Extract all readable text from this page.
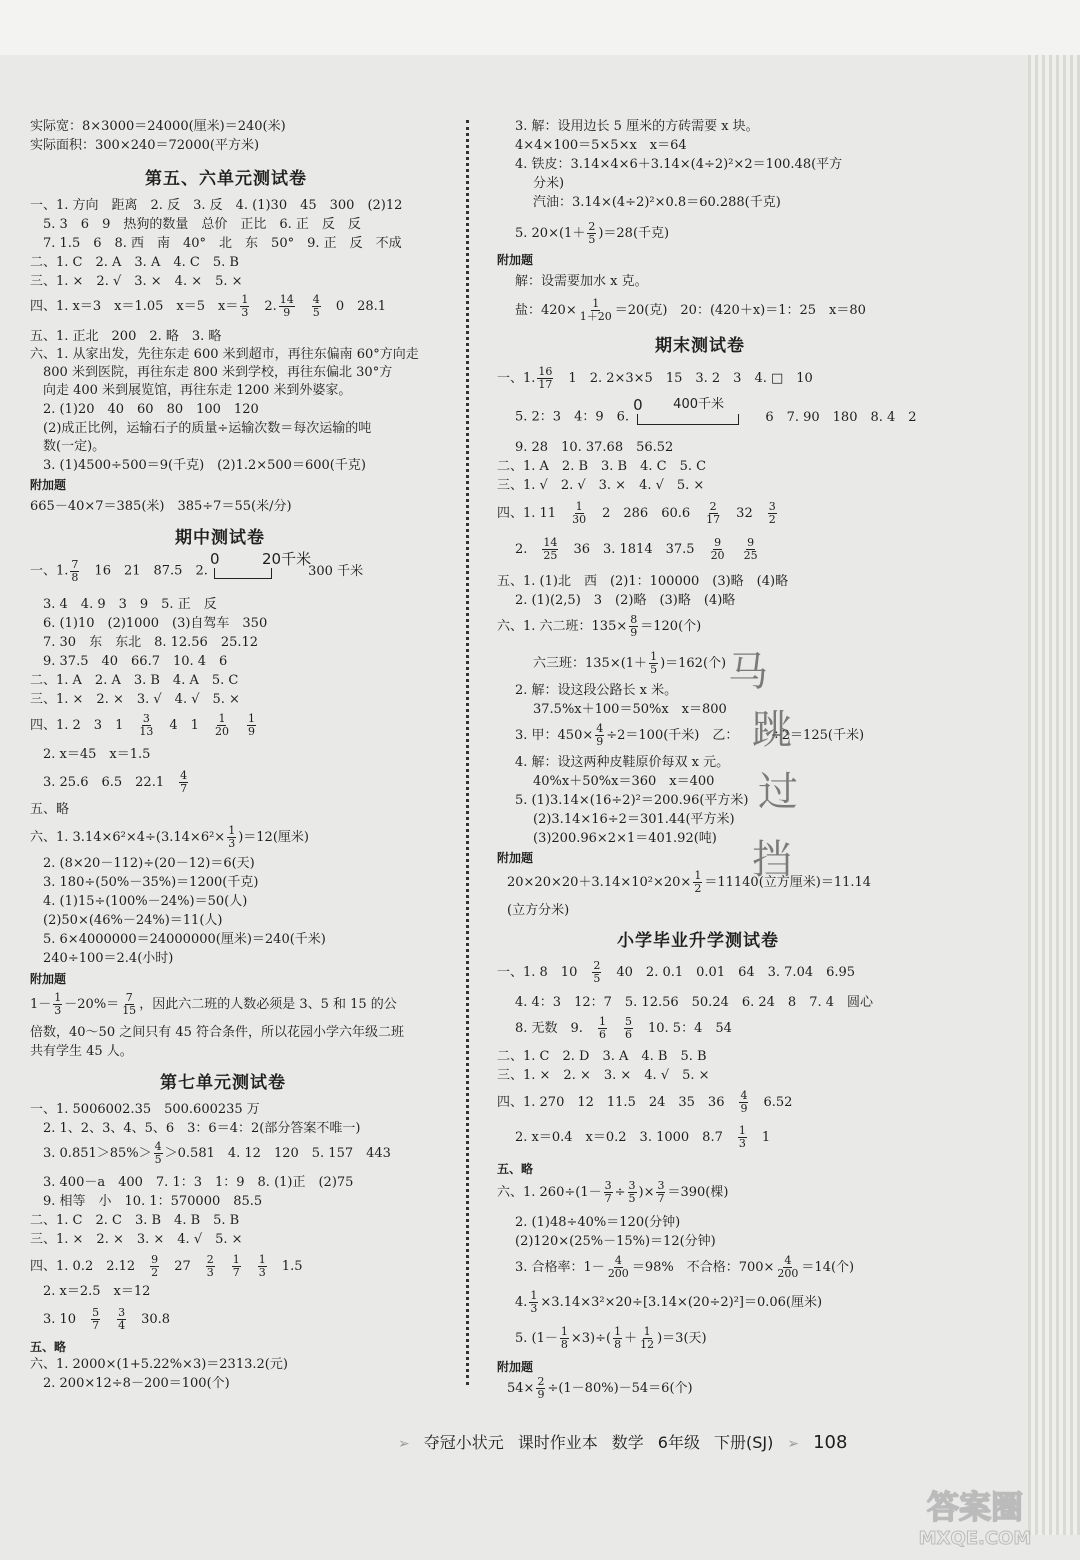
实际宽：8×3000＝24000(厘米)＝240(米)
实际面积：300×240＝72000(平方米)
第五、六单元测试卷
一、1. 方向　距离　2. 反　3. 反　4. (1)30　45　300　(2)12
　5. 3　6　9　热狗的数量　总价　正比　6. 正　反　反
　7. 1.5　6　8. 西　南　40°　北　东　50°　9. 正　反　不成
二、1. C　2. A　3. A　4. C　5. B
三、1. ×　2. √　3. ×　4. ×　5. ×
四、1. x＝3　x＝1.05　x＝5　$x= \frac{1}{3}$ 　2. $\frac{14}{9}$
　 $\frac{4}{5}$
　 0　28.1
五、1. 正北　200　2. 略　3. 略
六、1. 从家出发，先往东走 600 米到超市，再往东偏南 60°方向走
　800 米到医院，再往东走 800 米到学校，再往东偏北 30°方
　向走 400 米到展览馆，再往东走 1200 米到外婆家。
　2. (1)20　40　60　80　100　120
　(2)成正比例，运输石子的质量÷运输次数＝每次运输的吨
　数(一定)。
　3. (1)4500÷500＝9(千克)　(2)1.2×500＝600(千克)
附加题
665－40×7＝385(米)　385÷7＝55(米/分)
期中测试卷
一、1. $\frac{7}{8}$
　 16　21　87.5　2.
0	20千米
300 千米
　3. 4　4. 9　3　9　5. 正　反
　6. (1)10　(2)1000　(3)自驾车　350
　7. 30　东　东北　8. 12.56　25.12
　9. 37.5　40　66.7　10. 4　6
二、1. A　2. A　3. B　4. A　5. C
三、1. ×　2. ×　3. √　4. √　5. ×
四、1. 2　3　1　 $\frac{3}{13}$
　 4　1　 $\frac{1}{20}$
　 $\frac{1}{9}$
　2. x＝45　x＝1.5
　3. 25.6　6.5　22.1　 $\frac{4}{7}$
五、略
六、1. $3.14\times 6^2\times 4\div(3.14\times 6^2\times \frac{1}{3} )=12$(厘米)
　2. (8×20－112)÷(20－12)＝6(天)
　3. 180÷(50%－35%)＝1200(千克)
　4. (1)15÷(100%－24%)＝50(人)
　(2)50×(46%－24%)＝11(人)
　5. 6×4000000＝24000000(厘米)＝240(千米)
　240÷100＝2.4(小时)
附加题
$1- \frac{1}{3} -20\%= \frac{7}{15}$ ，因此六二班的人数必须是 3、5 和 15 的公
倍数，40～50 之间只有 45 符合条件，所以花园小学六年级二班
共有学生 45 人。
第七单元测试卷
一、1. 5006002.35　500.600235 万
　2. 1、2、3、4、5、6　3：6＝4：2(部分答案不唯一)
　3. $0.851>85\%> \frac{4}{5} >0.581$　4. 12　120　5. 157　443
　3. 400－a　400　7. 1：3　1：9　8. (1)正　(2)75
　9. 相等　小　10. 1：570000　85.5
二、1. C　2. C　3. B　4. B　5. B
三、1. ×　2. ×　3. ×　4. √　5. ×
四、1. 0.2　2.12　 $\frac{9}{2}$
　 27　 $\frac{2}{3}$
　 $\frac{1}{7}$
　 $\frac{1}{3}$
　 1.5
　2. x＝2.5　x＝12
　3. 10　 $\frac{5}{7}$
　 $\frac{3}{4}$
　 30.8
五、略
六、1. 2000×(1+5.22%×3)＝2313.2(元)
　2. 200×12÷8－200＝100(个)
3. 解：设用边长 5 厘米的方砖需要 x 块。
4×4×100＝5×5×x　x＝64
4. 铁皮：3.14×4×6＋3.14×(4÷2)²×2＝100.48(平方
分米)
汽油：3.14×(4÷2)²×0.8＝60.288(千克)
5. $20\times(1+ \frac{2}{5} )=28$(千克)
附加题
解：设需要加水 x 克。
盐：$420\times \frac{1}{1+20} =20$(克)　20：(420＋x)＝1：25　x＝80
期末测试卷
一、1. $\frac{16}{17}$
　 1　2. 2×3×5　15　3. 2　3　4. □　10
5. 2：3　4：9　6.
0 400千米
6　7. 90　180　8. 4　2
9. 28　10. 37.68　56.52
二、1. A　2. B　3. B　4. C　5. C
三、1. √　2. √　3. ×　4. √　5. ×
四、1. 11　 $\frac{1}{30}$
　 2　286　60.6　 $\frac{2}{17}$
　 32　 $\frac{3}{2}$
2.　 $\frac{14}{25}$
　 36　3. 1814　37.5　 $\frac{9}{20}$
　 $\frac{9}{25}$
五、1. (1)北　西　(2)1：100000　(3)略　(4)略
2. (1)(2,5)　3　(2)略　(3)略　(4)略
六、1. 六二班：$135\times \frac{8}{9} =120$(个)
六三班：$135\times(1+ \frac{1}{5} )=162$(个)
2. 解：设这段公路长 x 米。
37.5%x＋100＝50%x　x＝800
3. 甲：$450\times \frac{4}{9} \div 2=100$(千米)　乙：　　　	÷2＝125(千米)
4. 解：设这两种皮鞋原价每双 x 元。
40%x＋50%x＝360　x＝400
5. (1)3.14×(16÷2)²＝200.96(平方米)
(2)3.14×16÷2＝301.44(平方米)
(3)200.96×2×1＝401.92(吨)
附加题
$20\times 20\times 20+3.14\times 10^2\times 20\times \frac{1}{2} =11140$(立方厘米)＝11.14
(立方分米)
小学毕业升学测试卷
一、1. 8　10　 $\frac{2}{5}$
　 40　2. 0.1　0.01　64　3. 7.04　6.95
4. 4：3　12：7　5. 12.56　50.24　6. 24　8　7. 4　圆心
8. 无数　9.　 $\frac{1}{6}$
　 $\frac{5}{6}$
　 10. 5：4　54
二、1. C　2. D　3. A　4. B　5. B
三、1. ×　2. ×　3. ×　4. √　5. ×
四、1. 270　12　11.5　24　35　36　 $\frac{4}{9}$
　 6.52
2. x＝0.4　x＝0.2　3. 1000　8.7　 $\frac{1}{3}$
　 1
五、略
六、1. $260\div(1- \frac{3}{7} \div \frac{3}{5}$ )× $\frac{3}{7} =390$(棵)
2. (1)48÷40%＝120(分钟)
(2)120×(25%－15%)＝12(分钟)
3. 合格率：$1- \frac{4}{200} =98\%$　不合格：$700\times \frac{4}{200} =14$(个)
4. $\frac{1}{3} \times 3.14\times 3^2\times 20\div[3.14\times(20\div 2)^2]=0.06$(厘米)
5. $(1- \frac{1}{8} \times 3)\div( \frac{1}{8} + \frac{1}{12} )=3$(天)
附加题
$54\times \frac{2}{9} \div(1-80\%)-54=6$(个)
马
跳
过
挡
➢ 夺冠小状元 课时作业本 数学 6年级 下册(SJ) ➢ 108
答案圈
MXQE.COM
